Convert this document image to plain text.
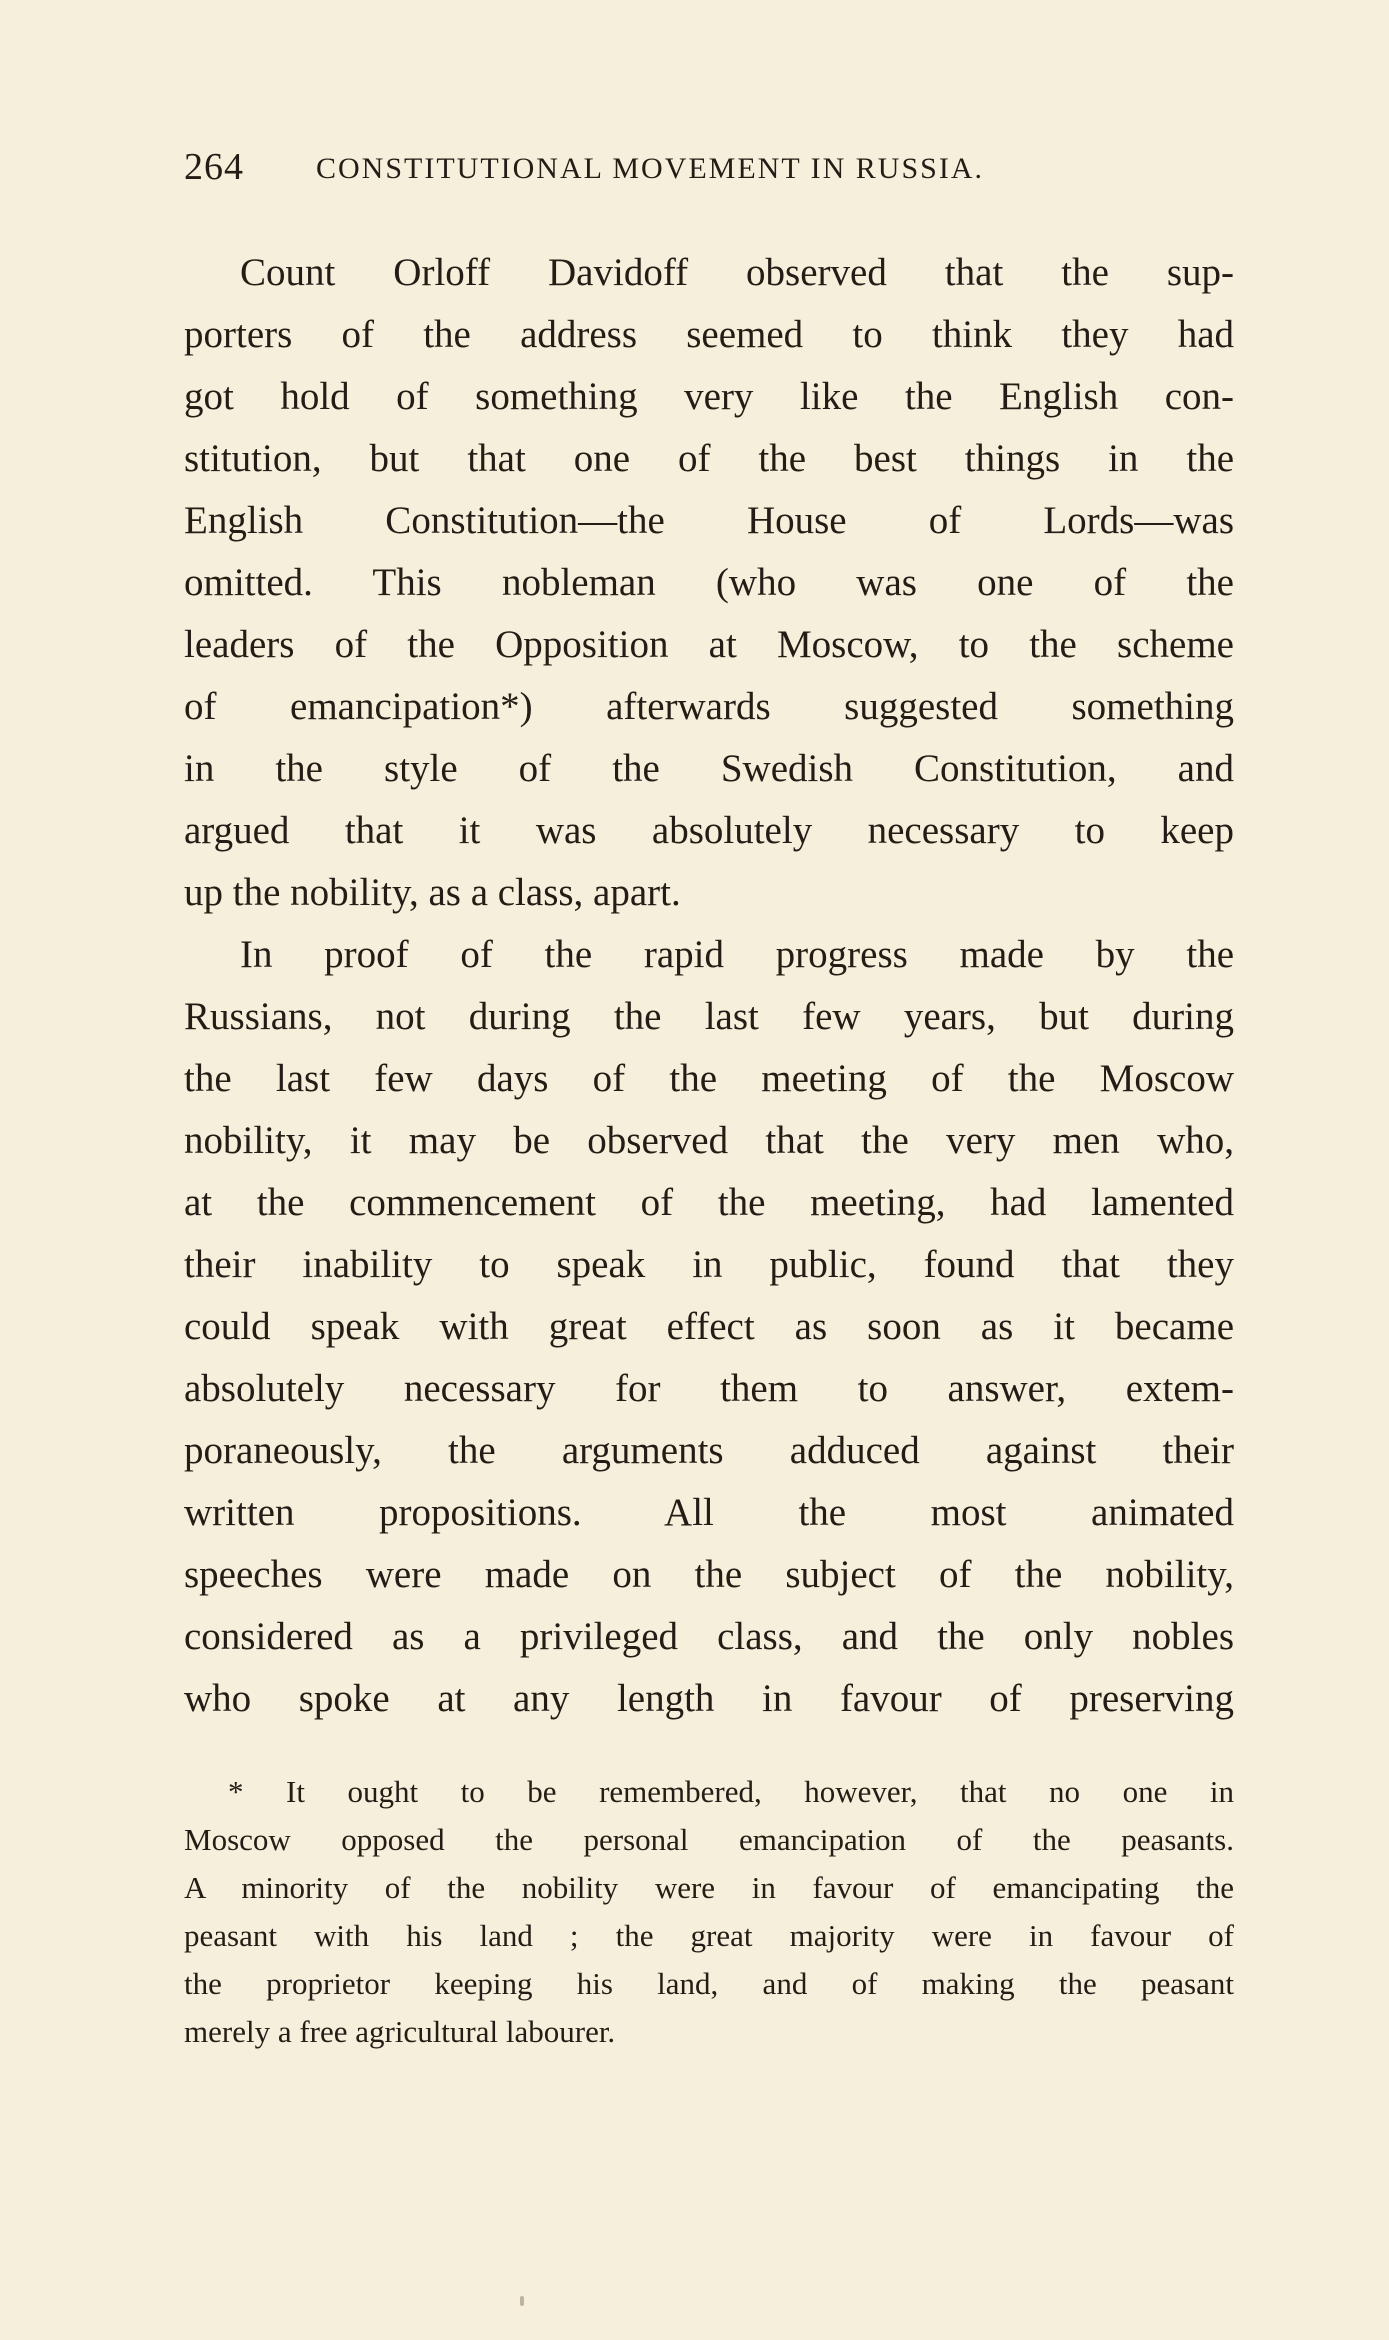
264 CONSTITUTIONAL MOVEMENT IN RUSSIA.
Count Orloff Davidoff observed that the sup-
porters of the address seemed to think they had
got hold of something very like the English con-
stitution, but that one of the best things in the
English Constitution—the House of Lords—was
omitted. This nobleman (who was one of the
leaders of the Opposition at Moscow, to the scheme
of emancipation*) afterwards suggested something
in the style of the Swedish Constitution, and
argued that it was absolutely necessary to keep
up the nobility, as a class, apart.
In proof of the rapid progress made by the
Russians, not during the last few years, but during
the last few days of the meeting of the Moscow
nobility, it may be observed that the very men who,
at the commencement of the meeting, had lamented
their inability to speak in public, found that they
could speak with great effect as soon as it became
absolutely necessary for them to answer, extem-
poraneously, the arguments adduced against their
written propositions. All the most animated
speeches were made on the subject of the nobility,
considered as a privileged class, and the only nobles
who spoke at any length in favour of preserving
* It ought to be remembered, however, that no one in
Moscow opposed the personal emancipation of the peasants.
A minority of the nobility were in favour of emancipating the
peasant with his land ; the great majority were in favour of
the proprietor keeping his land, and of making the peasant
merely a free agricultural labourer.
